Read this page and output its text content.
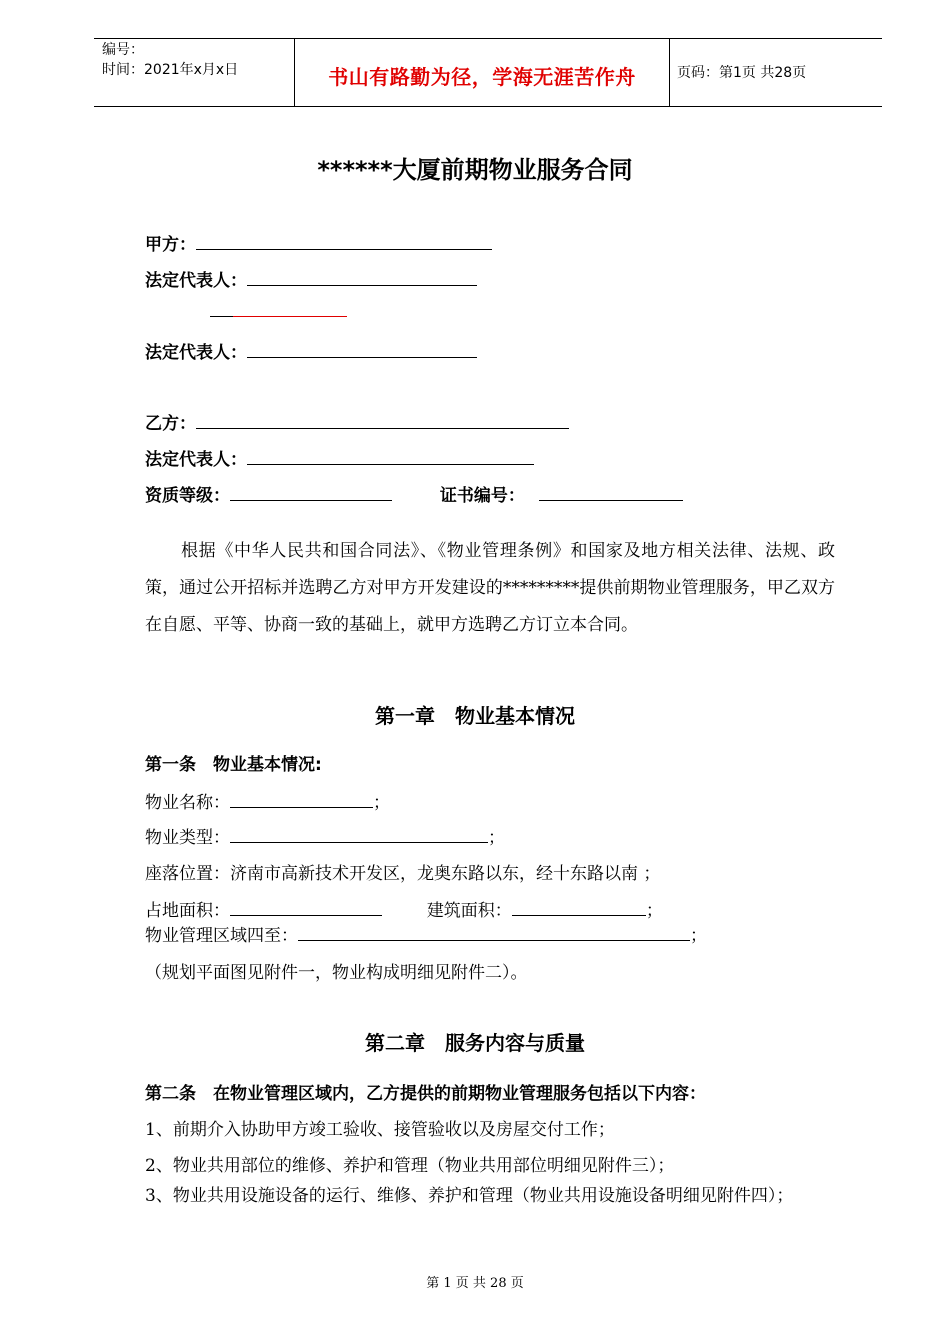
编号：
时间：2021年x月x日	书山有路勤为径，学海无涯苦作舟	页码：第1页 共28页
******大厦前期物业服务合同
甲方：
法定代表人：
法定代表人：
乙方：
法定代表人：
资质等级：	证书编号：
根据《中华人民共和国合同法》、《物业管理条例》和国家及地方相关法律、法规、政策，通过公开招标并选聘乙方对甲方开发建设的*********提供前期物业管理服务，甲乙双方在自愿、平等、协商一致的基础上，就甲方选聘乙方订立本合同。
第一章　物业基本情况
第一条　物业基本情况:
物业名称：	；
物业类型：	；
座落位置：济南市高新技术开发区，龙奥东路以东，经十东路以南 ；
占地面积：	建筑面积：	；
物业管理区域四至：	；
（规划平面图见附件一，物业构成明细见附件二）。
第二章　服务内容与质量
第二条　在物业管理区域内，乙方提供的前期物业管理服务包括以下内容：
1、前期介入协助甲方竣工验收、接管验收以及房屋交付工作；
2、物业共用部位的维修、养护和管理（物业共用部位明细见附件三）；
3、物业共用设施设备的运行、维修、养护和管理（物业共用设施设备明细见附件四）；
第 1 页 共 28 页
